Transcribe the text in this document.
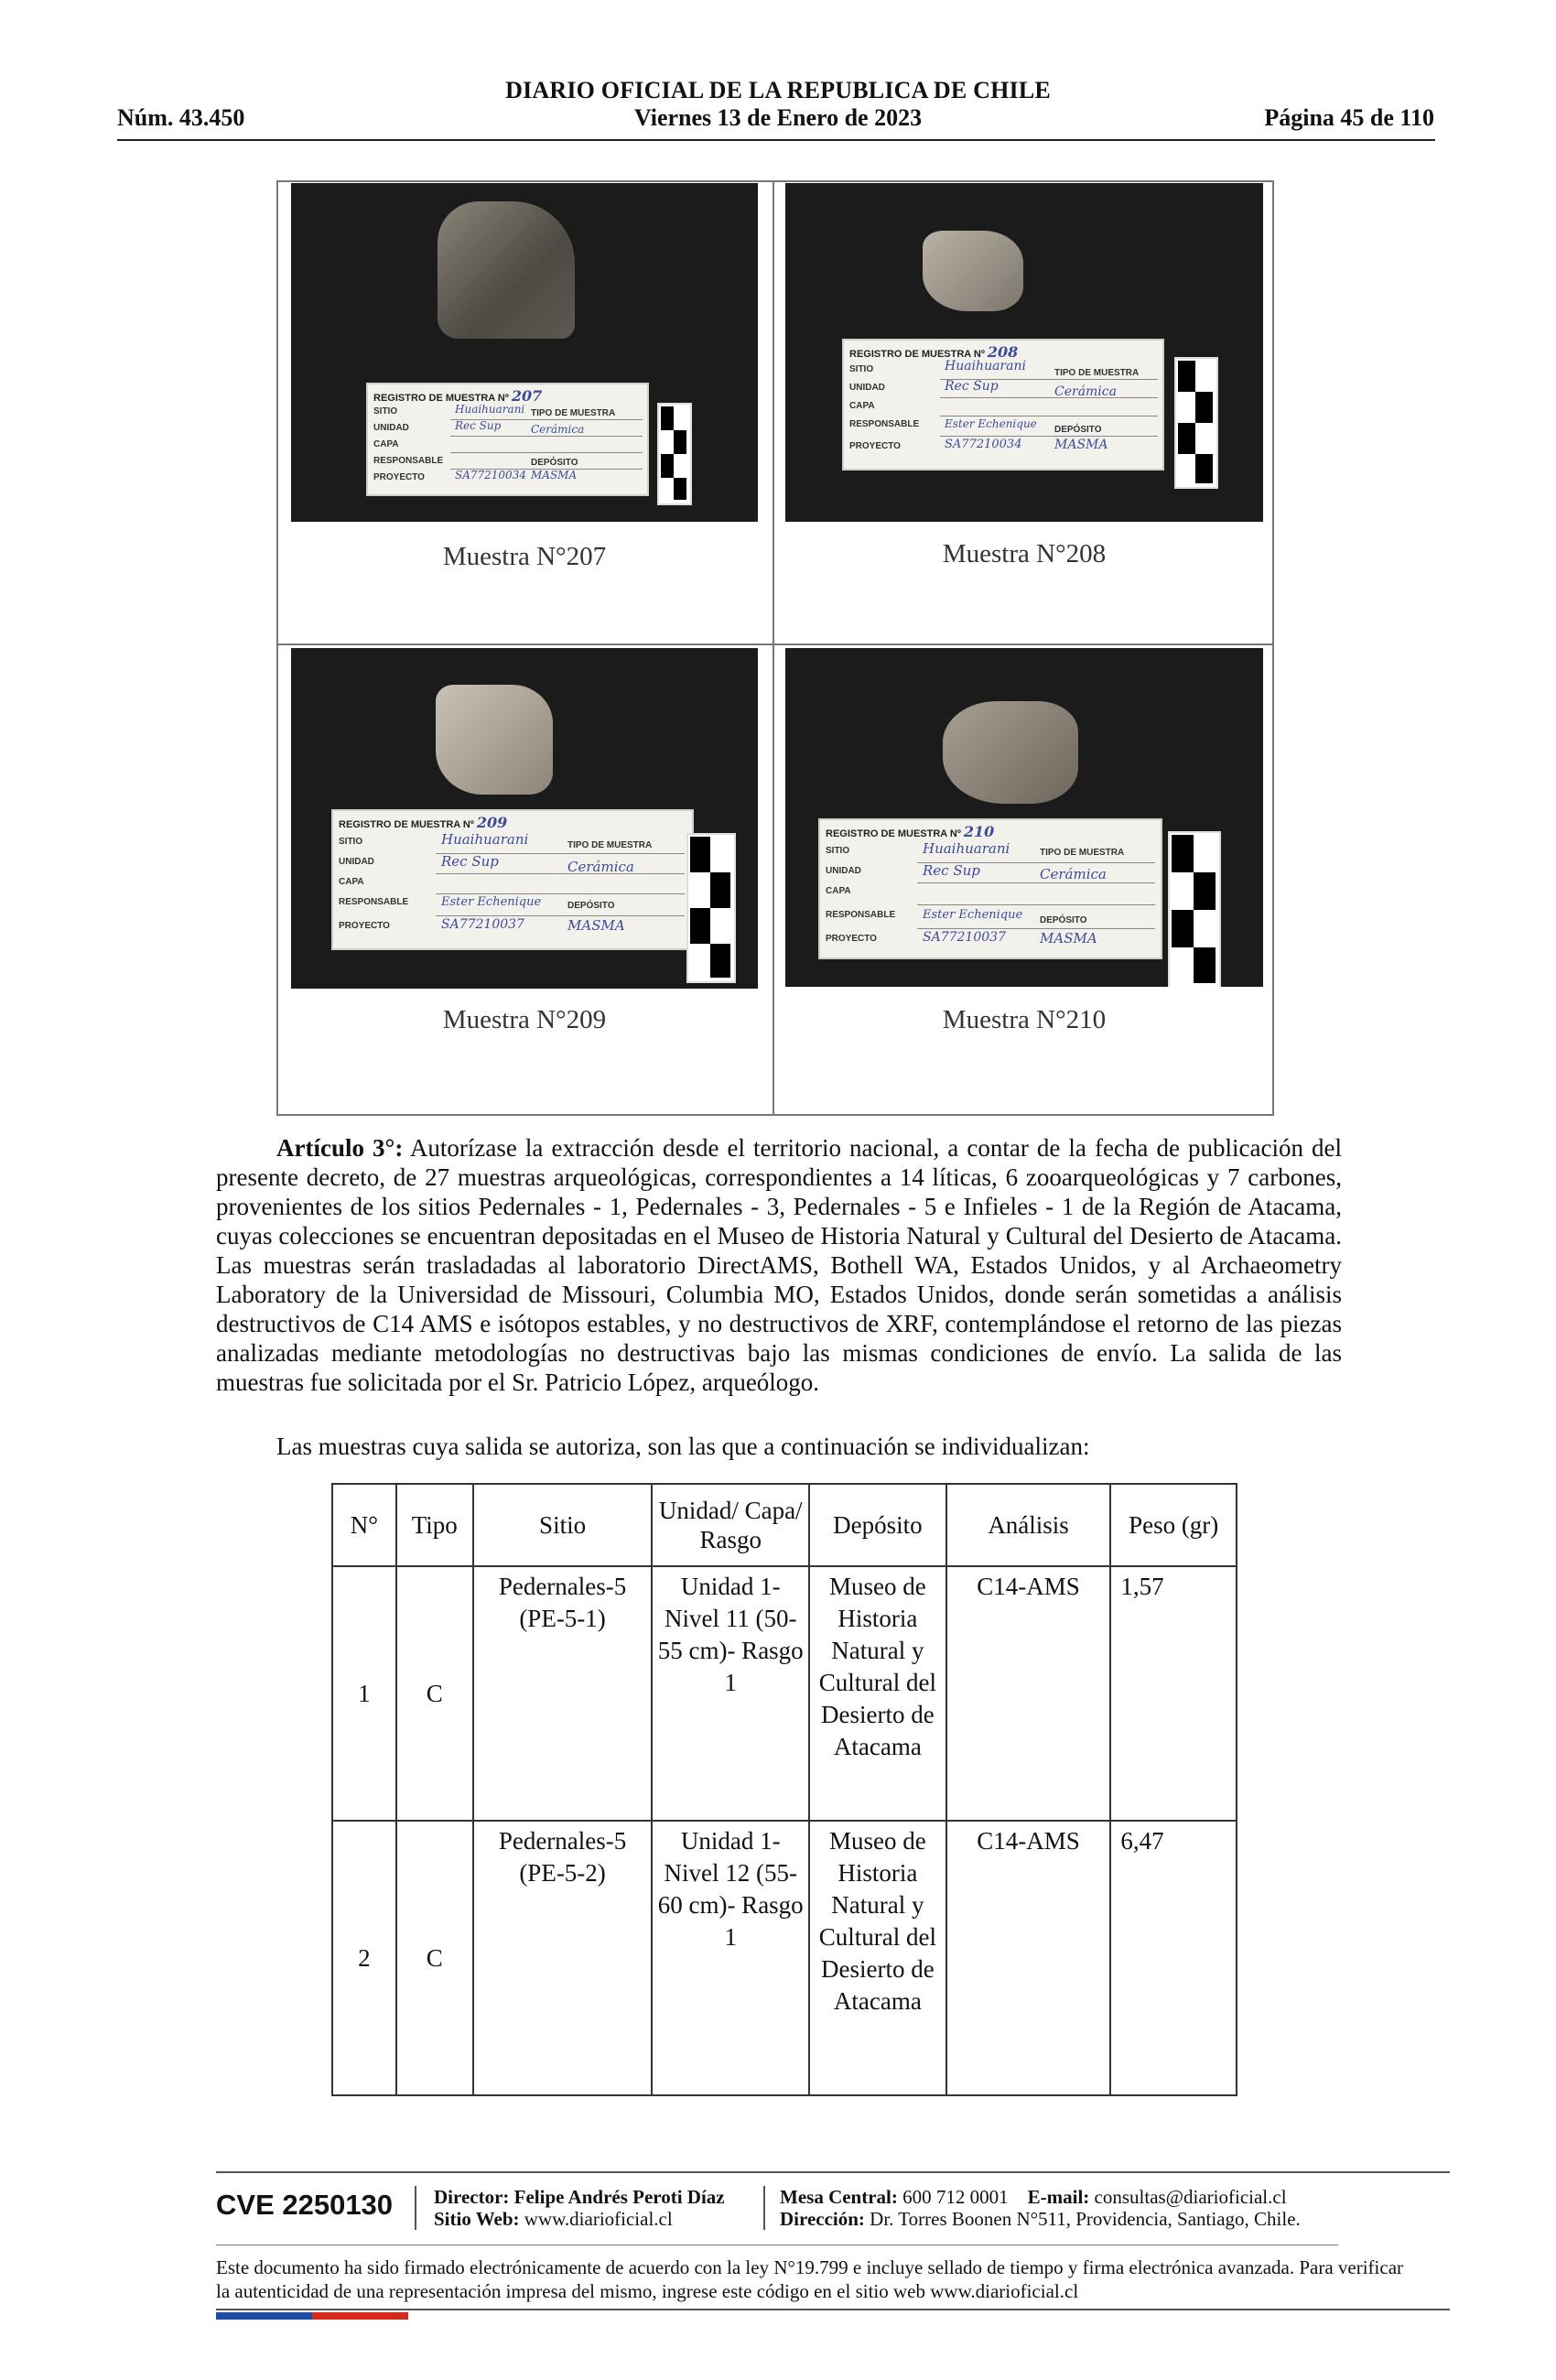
DIARIO OFICIAL DE LA REPUBLICA DE CHILE
Núm. 43.450	Viernes 13 de Enero de 2023	Página 45 de 110
REGISTRO DE MUESTRA Nº 207
SITIO
UNIDAD
CAPA
RESPONSABLE
PROYECTO
TIPO DE MUESTRA
DEPÓSITO
Huaihuarani
Rec Sup	Cerámica
SA77210034 MASMA
Muestra N°207
REGISTRO DE MUESTRA Nº 208
SITIO
UNIDAD
CAPA
RESPONSABLE
PROYECTO
TIPO DE MUESTRA
DEPÓSITO
Huaihuarani
Rec Sup	Cerámica
Ester Echenique
SA77210034	MASMA
Muestra N°208
REGISTRO DE MUESTRA Nº 209
SITIO
UNIDAD
CAPA
RESPONSABLE
PROYECTO
TIPO DE MUESTRA
DEPÓSITO
Huaihuarani
Rec Sup	Cerámica
Ester Echenique
SA77210037	MASMA
Muestra N°209
REGISTRO DE MUESTRA Nº 210
SITIO
UNIDAD
CAPA
RESPONSABLE
PROYECTO
TIPO DE MUESTRA
DEPÓSITO
Huaihuarani
Rec Sup	Cerámica
Ester Echenique
SA77210037 MASMA
Muestra N°210
Artículo 3°: Autorízase la extracción desde el territorio nacional, a contar de la fecha de publicación del presente decreto, de 27 muestras arqueológicas, correspondientes a 14 líticas, 6 zooarqueológicas y 7 carbones, provenientes de los sitios Pedernales - 1, Pedernales - 3, Pedernales - 5 e Infieles - 1 de la Región de Atacama, cuyas colecciones se encuentran depositadas en el Museo de Historia Natural y Cultural del Desierto de Atacama. Las muestras serán trasladadas al laboratorio DirectAMS, Bothell WA, Estados Unidos, y al Archaeometry Laboratory de la Universidad de Missouri, Columbia MO, Estados Unidos, donde serán sometidas a análisis destructivos de C14 AMS e isótopos estables, y no destructivos de XRF, contemplándose el retorno de las piezas analizadas mediante metodologías no destructivas bajo las mismas condiciones de envío. La salida de las muestras fue solicitada por el Sr. Patricio López, arqueólogo.
Las muestras cuya salida se autoriza, son las que a continuación se individualizan:
N°	Tipo	Sitio	Unidad/ Capa/ Rasgo	Depósito	Análisis	Peso (gr)
1	C	Pedernales-5 (PE-5-1)	Unidad 1- Nivel 11 (50- 55 cm)- Rasgo 1	Museo de Historia Natural y Cultural del Desierto de Atacama	C14-AMS	1,57
2	C	Pedernales-5 (PE-5-2)	Unidad 1- Nivel 12 (55- 60 cm)- Rasgo 1	Museo de Historia Natural y Cultural del Desierto de Atacama	C14-AMS	6,47
CVE 2250130 Director: Felipe Andrés Peroti Díaz
Sitio Web: www.diarioficial.cl
Mesa Central: 600 712 0001 E-mail: consultas@diarioficial.cl
Dirección: Dr. Torres Boonen N°511, Providencia, Santiago, Chile.
Este documento ha sido firmado electrónicamente de acuerdo con la ley N°19.799 e incluye sellado de tiempo y firma electrónica avanzada. Para verificar la autenticidad de una representación impresa del mismo, ingrese este código en el sitio web www.diarioficial.cl
